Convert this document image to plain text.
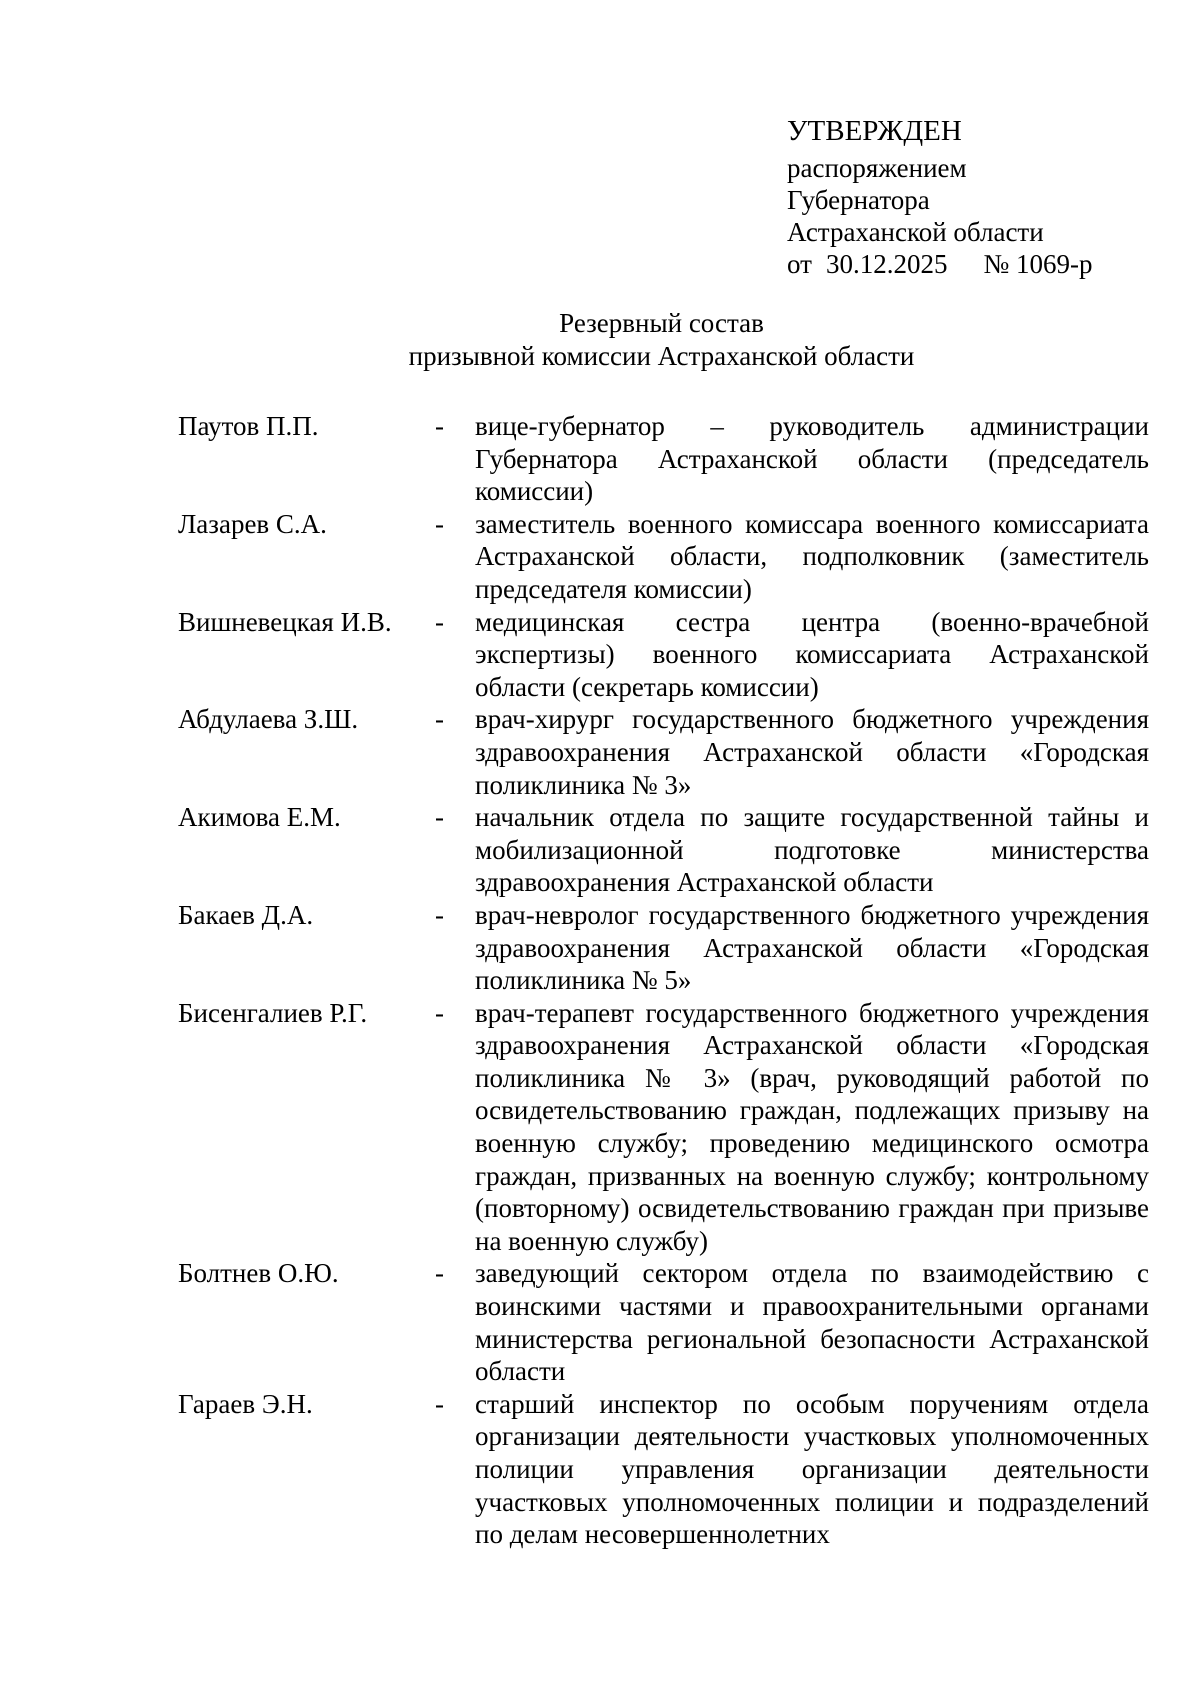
УТВЕРЖДЕН
распоряжением
Губернатора
Астраханской области
от 30.12.2025 № 1069-р
Резервный состав
призывной комиссии Астраханской области
Паутов П.П.	-	вице-губернатор – руководитель администрации Губернатора Астраханской области (председатель комиссии)
Лазарев С.А.	-	заместитель военного комиссара военного комиссариата Астраханской области, подполковник (заместитель председателя комиссии)
Вишневецкая И.В.	-	медицинская сестра центра (военно-врачебной экспертизы) военного комиссариата Астраханской области (секретарь комиссии)
Абдулаева З.Ш.	-	врач-хирург государственного бюджетного учреждения здравоохранения Астраханской области «Городская поликлиника № 3»
Акимова Е.М.	-	начальник отдела по защите государственной тайны и мобилизационной подготовке министерства здравоохранения Астраханской области
Бакаев Д.А.	-	врач-невролог государственного бюджетного учреждения здравоохранения Астраханской области «Городская поликлиника № 5»
Бисенгалиев Р.Г.	-	врач-терапевт государственного бюджетного учреждения здравоохранения Астраханской области «Городская поликлиника № 3» (врач, руководящий работой по освидетельствованию граждан, подлежащих призыву на военную службу; проведению медицинского осмотра граждан, призванных на военную службу; контрольному (повторному) освидетельствованию граждан при призыве на военную службу)
Болтнев О.Ю.	-	заведующий сектором отдела по взаимодействию с воинскими частями и правоохранительными органами министерства региональной безопасности Астраханской области
Гараев Э.Н.	-	старший инспектор по особым поручениям отдела организации деятельности участковых уполномоченных полиции управления организации деятельности участковых уполномоченных полиции и подразделений по делам несовершеннолетних
